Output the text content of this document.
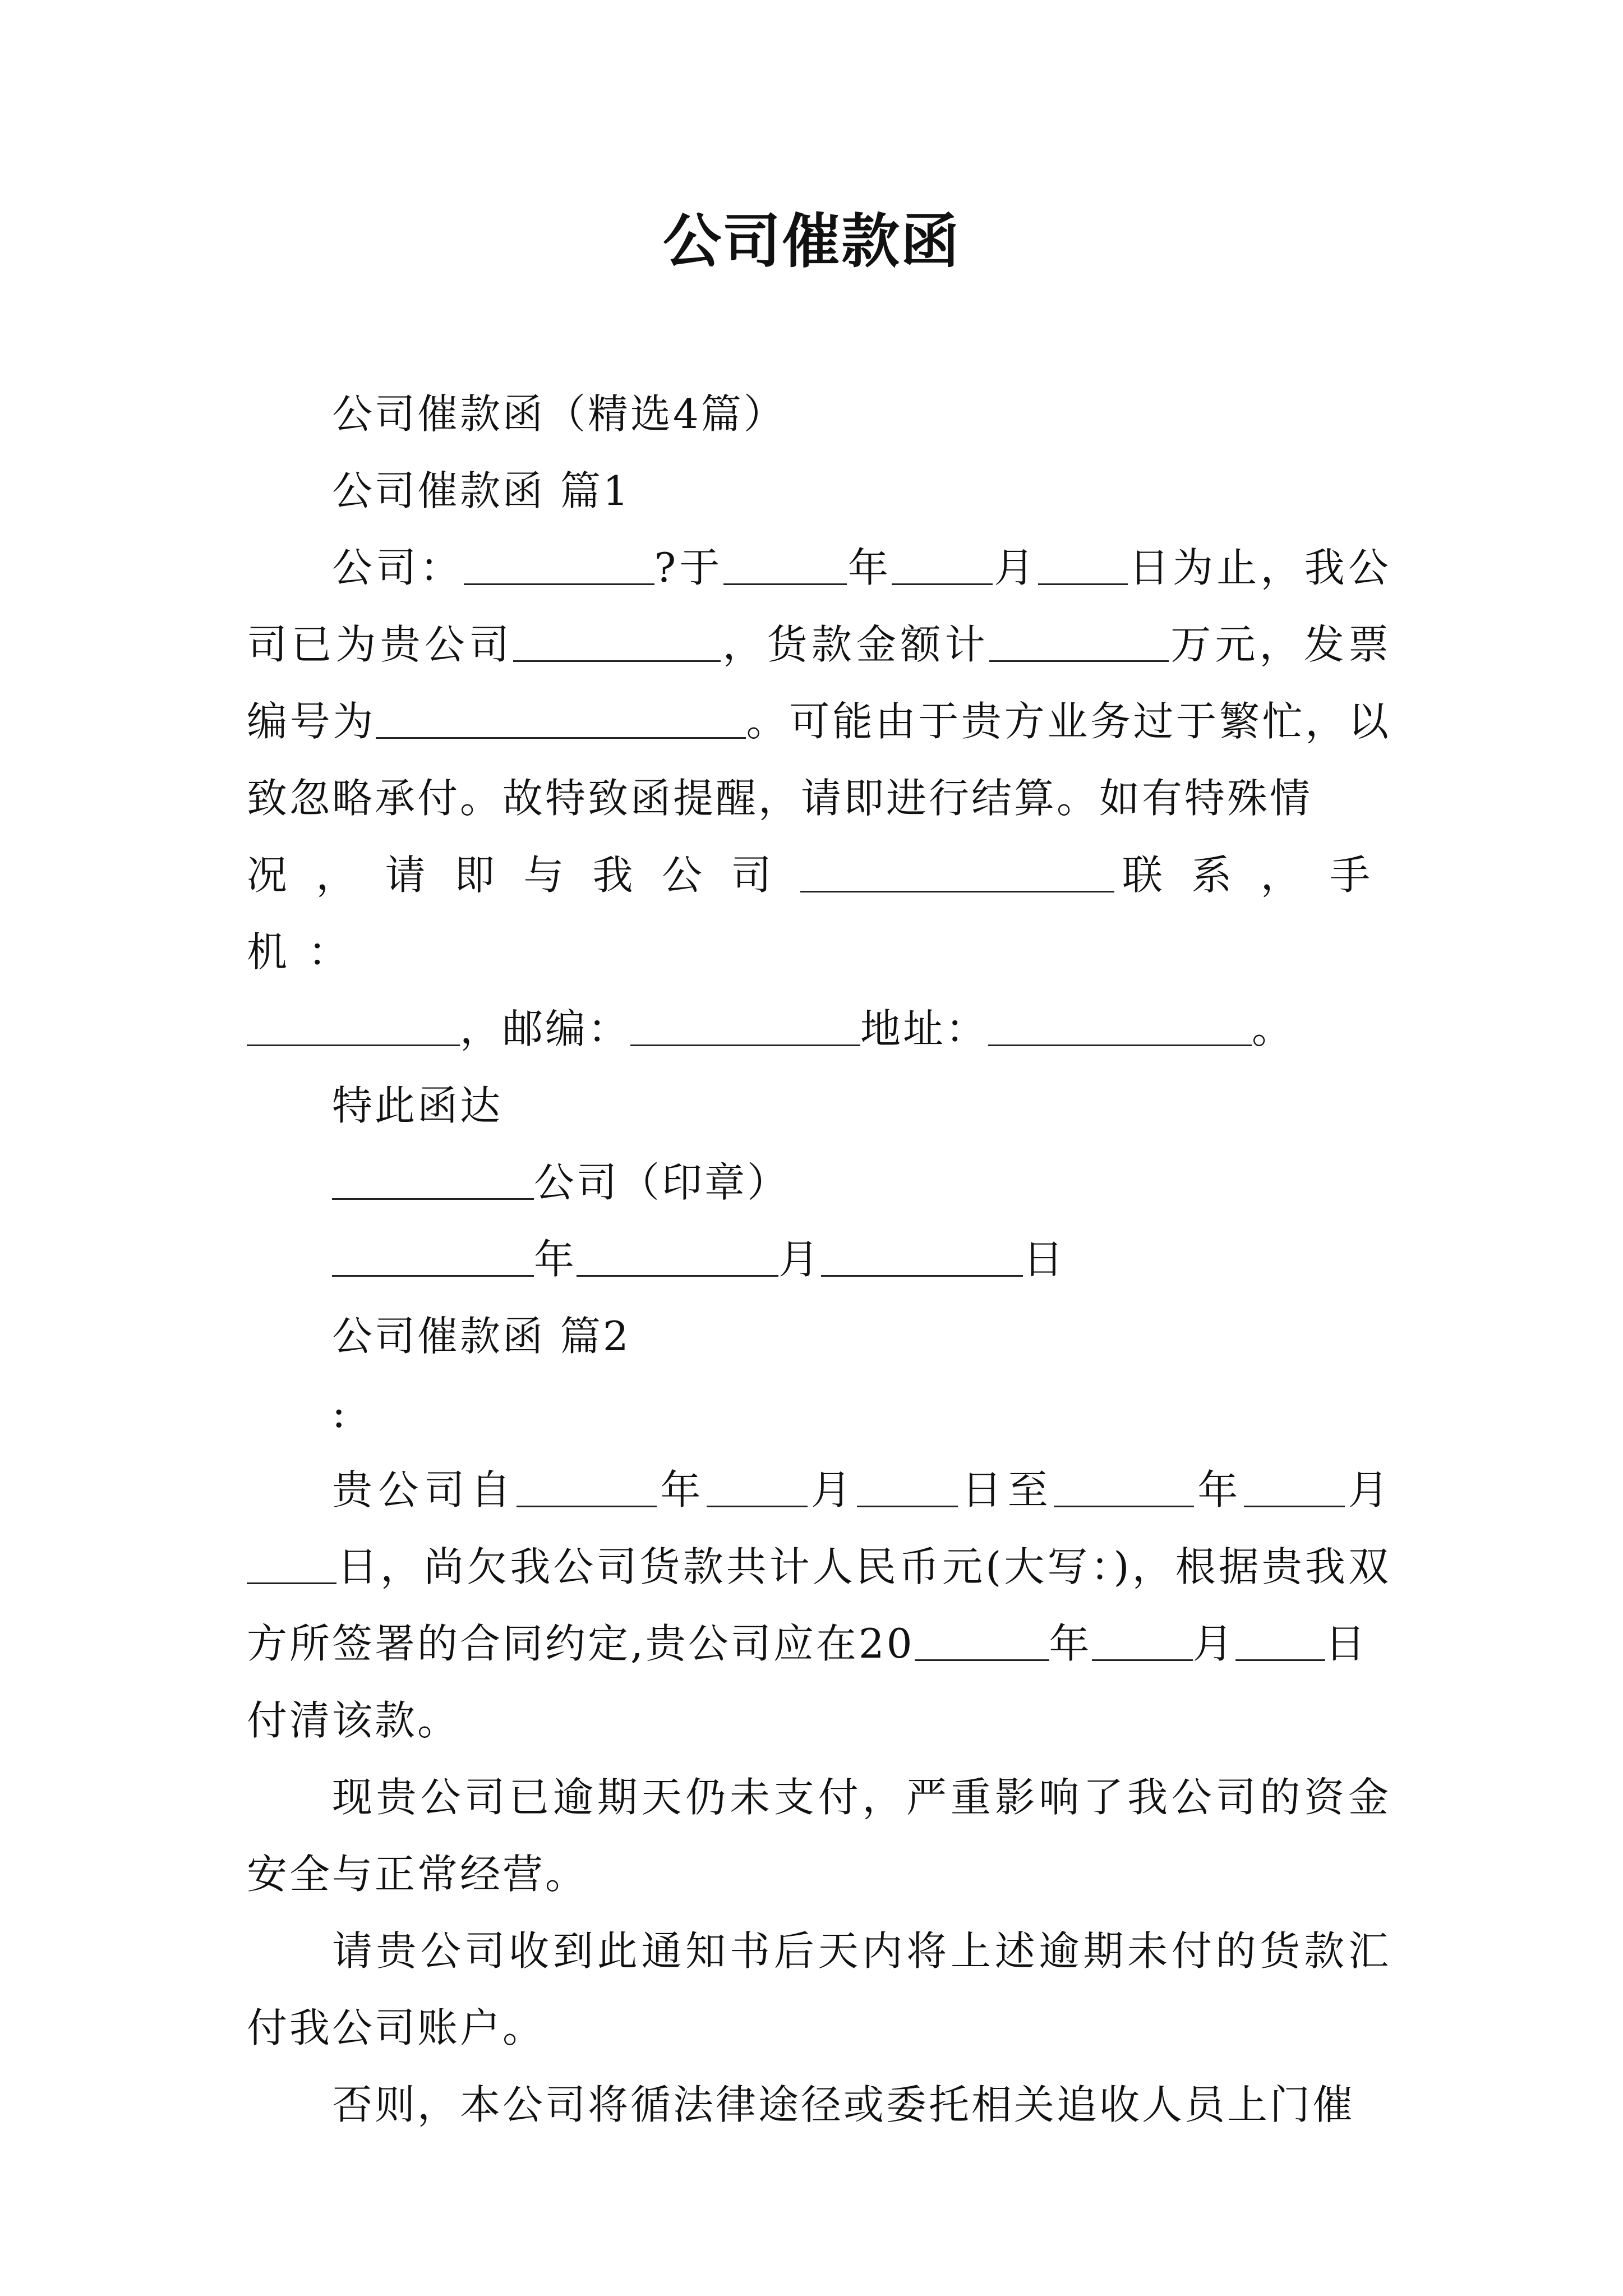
公司催款函

公司催款函（精选4篇）

公司催款函 篇1

公司：	?于	年	月 日为止，我公司已为贵公司	，货款金额计	万元，发票编号为	。可能由于贵方业务过于繁忙，以致忽略承付。故特致函提醒，请即进行结算。如有特殊情
况，请即与我公司	联系，手机：
，邮编：	地址：	。

特此函达

公司（印章）

年	月	日

公司催款函 篇2

:

贵公司自	年	月	日至	年	月日，尚欠我公司货款共计人民币元(大写：)，根据贵我双方所签署的合同约定,贵公司应在20	年	月 日
付清该款。

现贵公司已逾期天仍未支付，严重影响了我公司的资金安全与正常经营。

请贵公司收到此通知书后天内将上述逾期未付的货款汇付我公司账户。

否则，本公司将循法律途径或委托相关追收人员上门催
